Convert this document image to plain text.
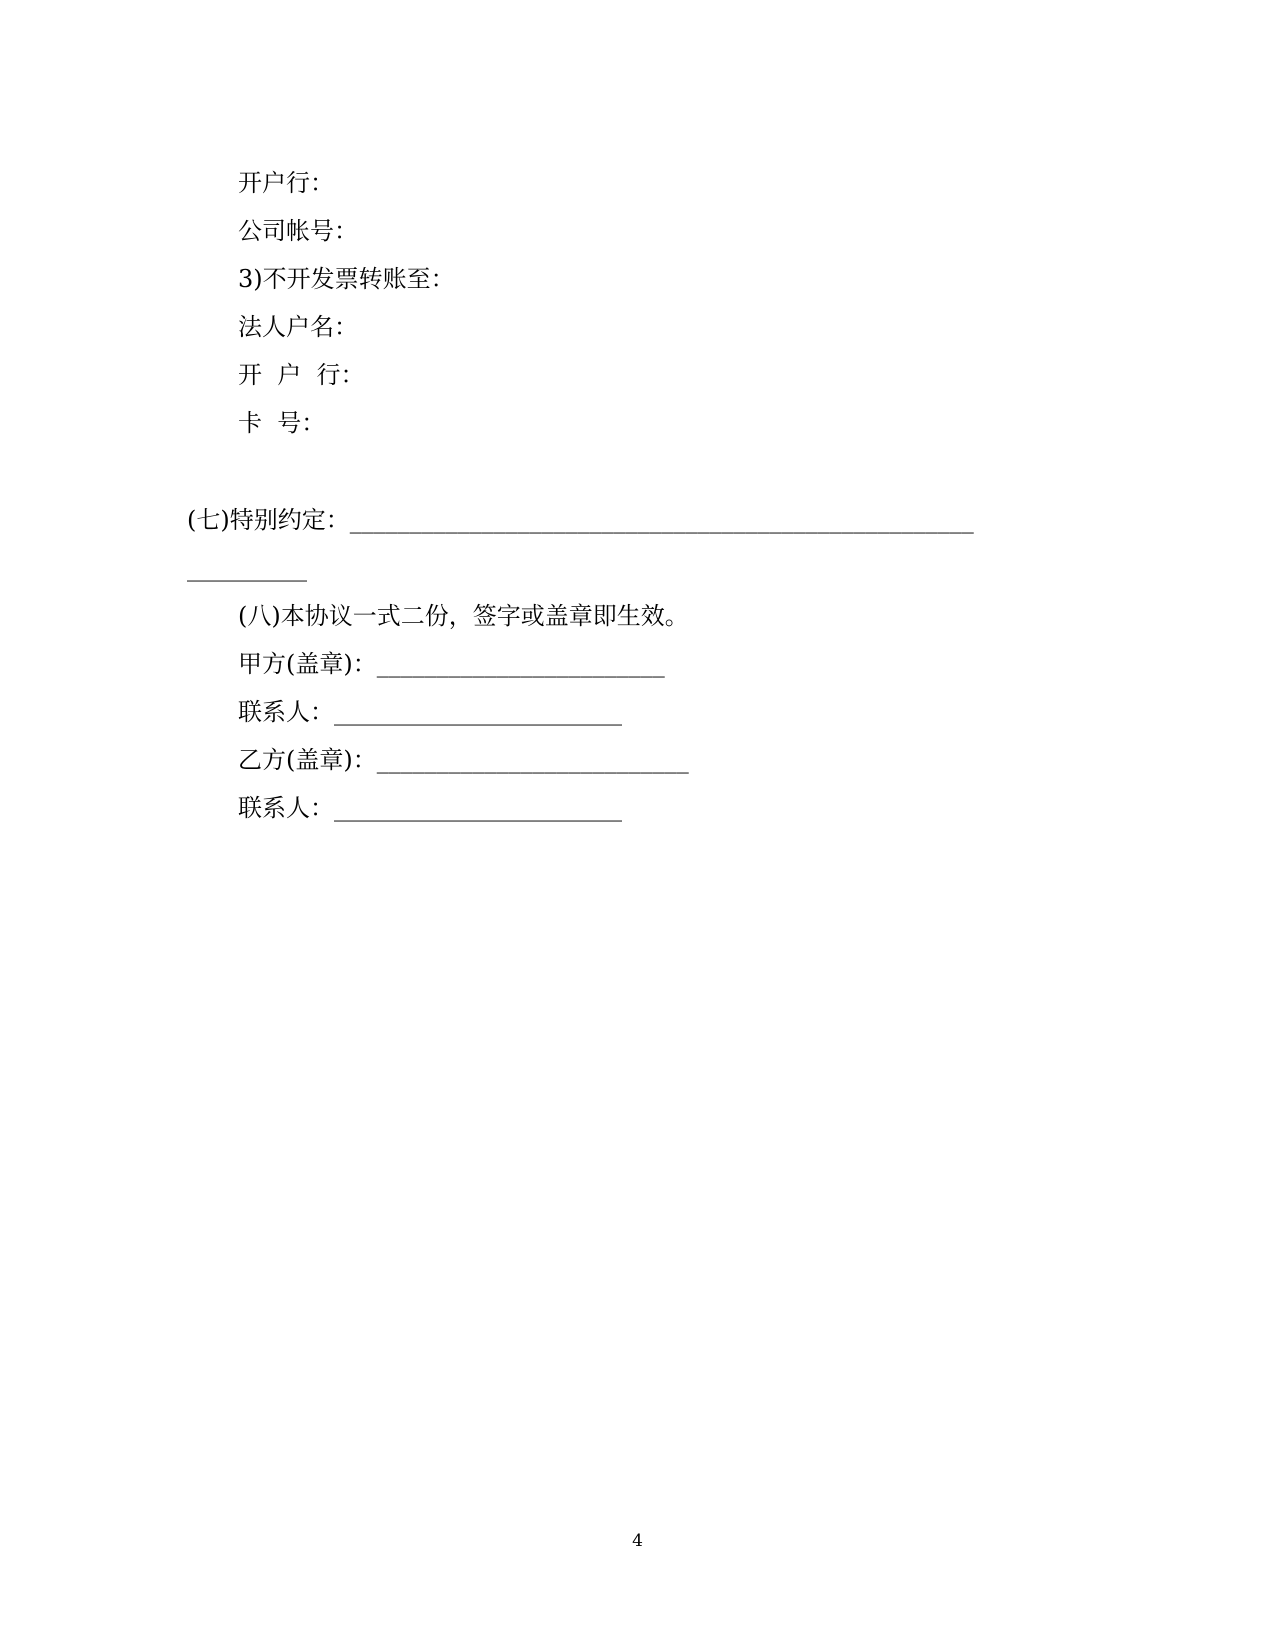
开户行：
公司帐号：
3)不开发票转账至：
法人户名：
开  户  行：
卡  号：
(七)特别约定：____________________________________________________
__________
(八)本协议一式二份，签字或盖章即生效。
甲方(盖章)：________________________
联系人：________________________
乙方(盖章)：__________________________
联系人：________________________
4
